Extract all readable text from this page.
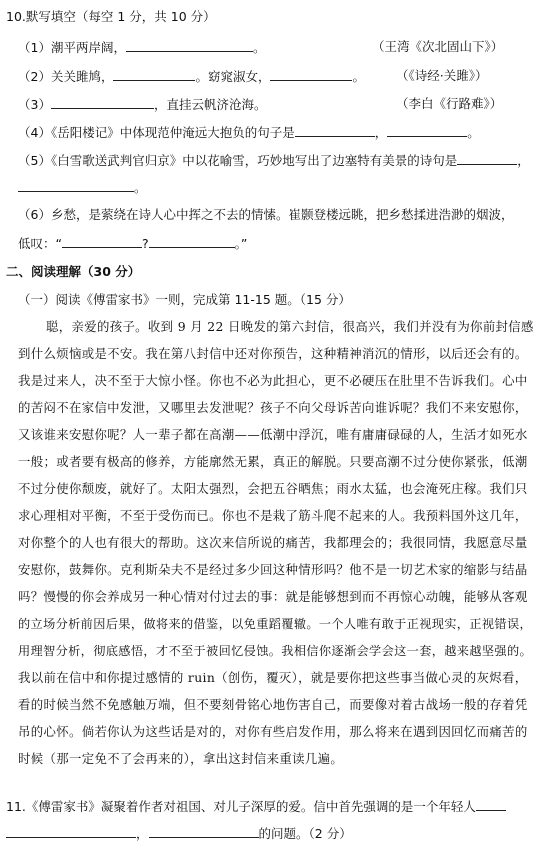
10.默写填空（每空 1 分，共 10 分）
（1）潮平两岸阔，	。	（王湾《次北固山下》）
（2）关关雎鸠，	。窈窕淑女，	。 （《诗经·关雎》）
（3）	，直挂云帆济沧海。	（李白《行路难》）
（4）《岳阳楼记》中体现范仲淹远大抱负的句子是	，	。
（5）《白雪歌送武判官归京》中以花喻雪，巧妙地写出了边塞特有美景的诗句是	，
。
（6）乡愁，是萦绕在诗人心中挥之不去的情愫。崔颢登楼远眺，把乡愁揉进浩渺的烟波，
低叹：“	?	。”
二、阅读理解（30 分）
（一）阅读《傅雷家书》一则，完成第 11-15 题。（15 分）
聪，亲爱的孩子。收到 9 月 22 日晚发的第六封信，很高兴，我们并没有为你前封信感
到什么烦恼或是不安。我在第八封信中还对你预告，这种精神消沉的情形，以后还会有的。
我是过来人，决不至于大惊小怪。你也不必为此担心，更不必硬压在肚里不告诉我们。心中
的苦闷不在家信中发泄，又哪里去发泄呢？孩子不向父母诉苦向谁诉呢？我们不来安慰你，
又该谁来安慰你呢？人一辈子都在高潮——低潮中浮沉，唯有庸庸碌碌的人，生活才如死水
一般；或者要有极高的修养，方能廓然无累，真正的解脱。只要高潮不过分使你紧张，低潮
不过分使你颓废，就好了。太阳太强烈，会把五谷晒焦；雨水太猛，也会淹死庄稼。我们只
求心理相对平衡，不至于受伤而已。你也不是栽了筋斗爬不起来的人。我预料国外这几年，
对你整个的人也有很大的帮助。这次来信所说的痛苦，我都理会的；我很同情，我愿意尽量
安慰你，鼓舞你。克利斯朵夫不是经过多少回这种情形吗？他不是一切艺术家的缩影与结晶
吗？慢慢的你会养成另一种心情对付过去的事：就是能够想到而不再惊心动魄，能够从客观
的立场分析前因后果，做将来的借鉴，以免重蹈覆辙。一个人唯有敢于正视现实，正视错误，
用理智分析，彻底感悟，才不至于被回忆侵蚀。我相信你逐渐会学会这一套，越来越坚强的。
我以前在信中和你提过感情的 ruin（创伤，覆灭），就是要你把这些事当做心灵的灰烬看，
看的时候当然不免感触万端，但不要刻骨铭心地伤害自己，而要像对着古战场一般的存着凭
吊的心怀。倘若你认为这些话是对的，对你有些启发作用，那么将来在遇到因回忆而痛苦的
时候（那一定免不了会再来的），拿出这封信来重读几遍。
11.《傅雷家书》凝聚着作者对祖国、对儿子深厚的爱。信中首先强调的是一个年轻人
，	的问题。（2 分）
